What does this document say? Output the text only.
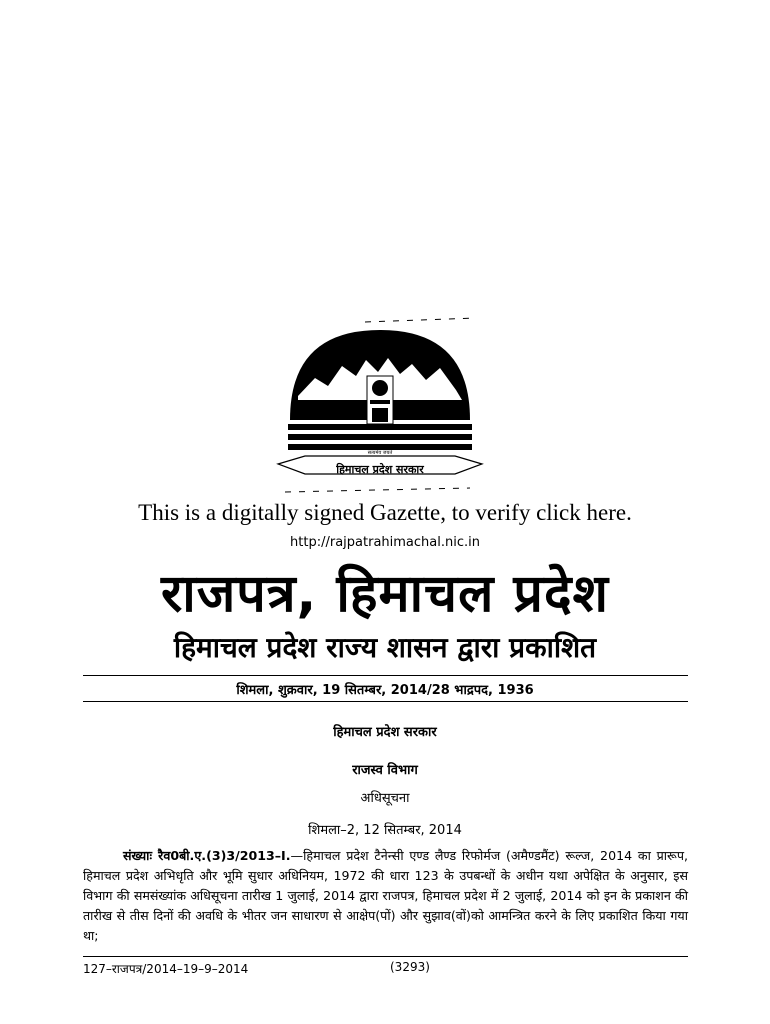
सत्यमेव जयते
हिमाचल प्रदेश सरकार
This is a digitally signed Gazette, to verify click here.
http://rajpatrahimachal.nic.in
राजपत्र, हिमाचल प्रदेश
हिमाचल प्रदेश राज्य शासन द्वारा प्रकाशित
शिमला, शुक्रवार, 19 सितम्बर, 2014/28 भाद्रपद, 1936
हिमाचल प्रदेश सरकार
राजस्व विभाग
अधिसूचना
शिमला–2, 12 सितम्बर, 2014
संख्याः रैव0बी.ए.(3)3/2013–I.—हिमाचल प्रदेश टैनेन्सी एण्ड लैण्ड रिफोर्मज (अमैण्डमैंट) रूल्ज, 2014 का प्रारूप, हिमाचल प्रदेश अभिधृति और भूमि सुधार अधिनियम, 1972 की धारा 123 के उपबन्धों के अधीन यथा अपेक्षित के अनुसार, इस विभाग की समसंख्यांक अधिसूचना तारीख 1 जुलाई, 2014 द्वारा राजपत्र, हिमाचल प्रदेश में 2 जुलाई, 2014 को इन के प्रकाशन की तारीख से तीस दिनों की अवधि के भीतर जन साधारण से आक्षेप(पों) और सुझाव(वों)को आमन्त्रित करने के लिए प्रकाशित किया गया था;
127–राजपत्र/2014–19–9–2014	(3293)
